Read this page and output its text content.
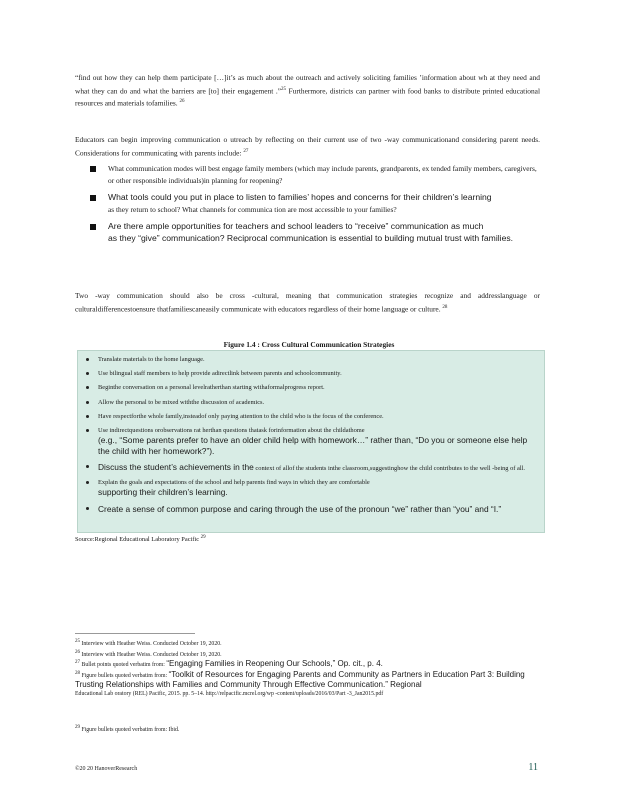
“find out how they can help them participate […]it’s as much about the outreach and actively soliciting families ’information about wh at they need and what they can do and what the barriers are [to] their engagement .”$^{25}$ Furthermore, districts can partner with food banks to distribute printed educational resources and materials tofamilies. $^{26}$
Educators can begin improving communication o utreach by reflecting on their current use of two -way communicationand considering parent needs. Considerations for communicating with parents include: $^{27}$
What communication modes will best engage family members (which may include parents, grandparents, ex tended family members, caregivers, or other responsible individuals)in planning for reopening?
What tools could you put in place to listen to families’ hopes and concerns for their children’s learning
as they return to school? What channels for communica tion are most accessible to your families?
Are there ample opportunities for teachers and school leaders to “receive” communication as much
as they “give” communication? Reciprocal communication is essential to building mutual trust with families.
Two -way communication should also be cross -cultural, meaning that communication strategies recognize and addresslanguage or culturaldifferencestoensure thatfamiliescaneasily communicate with educators regardless of their home language or culture. $^{28}$
Figure 1.4 : Cross Cultural Communication Strategies
Translate materials to the home language.
Use bilingual staff members to help provide adirectlink between parents and schoolcommunity.
Beginthe conversation on a personal levelratherthan starting withaformalprogress report.
Allow the personal to be mixed withthe discussion of academics.
Have respectforthe whole family,insteadof only paying attention to the child who is the focus of the conference.
Use indirectquestions orobservations rat herthan questions thatask forinformation about the childathome
(e.g., “Some parents prefer to have an older child help with homework…” rather than, “Do you or someone else help the child with her homework?”).
Discuss the student’s achievements in the context of allof the students inthe classroom,suggestinghow the child contributes to the well -being of all.
Explain the goals and expectations of the school and help parents find ways in which they are comfortable
supporting their children’s learning.
Create a sense of common purpose and caring through the use of the pronoun “we” rather than “you” and “I.”
Source:Regional Educational Laboratory Pacific $^{29}$
25 Interview with Heather Weiss. Conducted October 19, 2020.
26 Interview with Heather Weiss. Conducted October 19, 2020.
27 Bullet points quoted verbatim from: “Engaging Families in Reopening Our Schools,” Op. cit., p. 4.
28 Figure bullets quoted verbatim from: “Toolkit of Resources for Engaging Parents and Community as Partners in Education Part 3: Building Trusting Relationships with Families and Community Through Effective Communication.” Regional
Educational Lab oratory (REL) Pacific, 2015. pp. 5–14. http://relpacific.mcrel.org/wp -content/uploads/2016/03/Part -3_Jan2015.pdf
29 Figure bullets quoted verbatim from: Ibid.
©20 20 HanoverResearch	11
